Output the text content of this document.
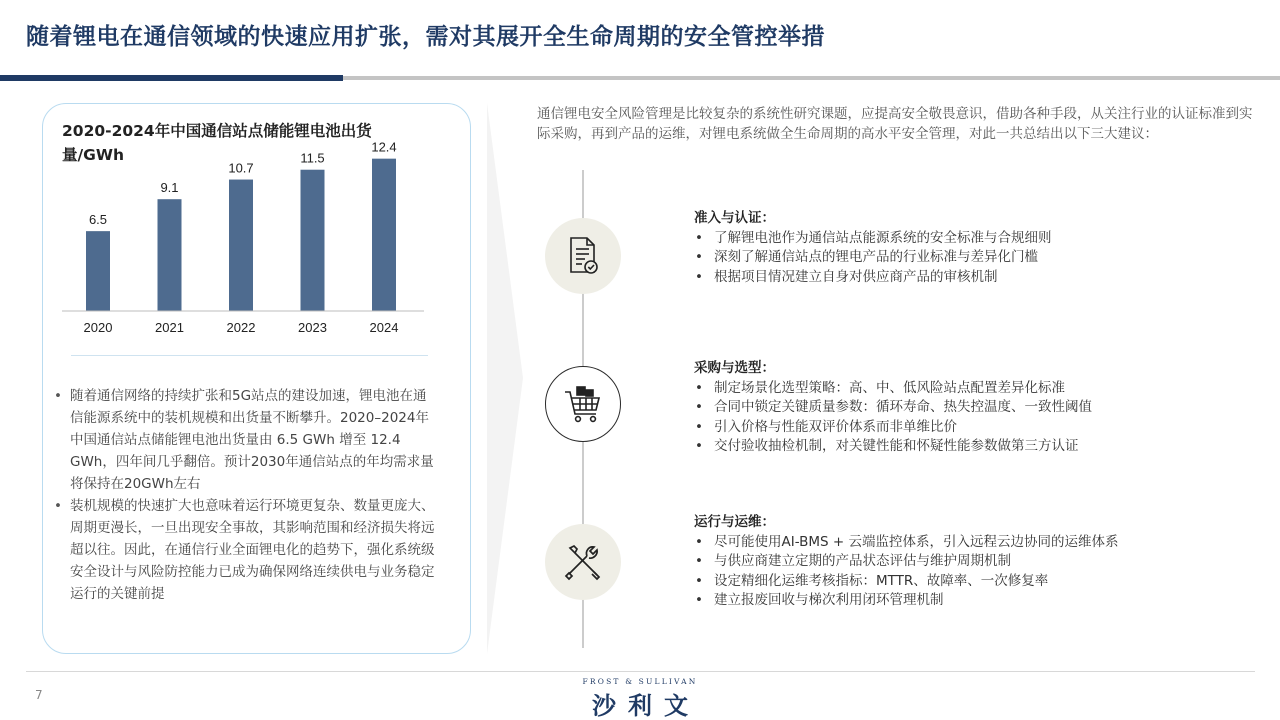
随着锂电在通信领域的快速应用扩张，需对其展开全生命周期的安全管控举措
2020-2024年中国通信站点储能锂电池出货量/GWh
6.5
2020
9.1
2021
10.7
2022
11.5
2023
12.4
2024
• 随着通信网络的持续扩张和5G站点的建设加速，锂电池在通信能源系统中的装机规模和出货量不断攀升。2020–2024年中国通信站点储能锂电池出货量由 6.5 GWh 增至 12.4 GWh，四年间几乎翻倍。预计2030年通信站点的年均需求量将保持在20GWh左右
• 装机规模的快速扩大也意味着运行环境更复杂、数量更庞大、周期更漫长，一旦出现安全事故，其影响范围和经济损失将远超以往。因此，在通信行业全面锂电化的趋势下，强化系统级安全设计与风险防控能力已成为确保网络连续供电与业务稳定运行的关键前提
通信锂电安全风险管理是比较复杂的系统性研究课题，应提高安全敬畏意识，借助各种手段，从关注行业的认证标准到实际采购，再到产品的运维，对锂电系统做全生命周期的高水平安全管理，对此一共总结出以下三大建议：
准入与认证：
• 了解锂电池作为通信站点能源系统的安全标准与合规细则
• 深刻了解通信站点的锂电产品的行业标准与差异化门槛
• 根据项目情况建立自身对供应商产品的审核机制
采购与选型：
• 制定场景化选型策略：高、中、低风险站点配置差异化标准
• 合同中锁定关键质量参数：循环寿命、热失控温度、一致性阈值
• 引入价格与性能双评价体系而非单维比价
• 交付验收抽检机制，对关键性能和怀疑性能参数做第三方认证
运行与运维：
• 尽可能使用AI-BMS + 云端监控体系，引入远程云边协同的运维体系
• 与供应商建立定期的产品状态评估与维护周期机制
• 设定精细化运维考核指标：MTTR、故障率、一次修复率
• 建立报废回收与梯次利用闭环管理机制
7
FROST & SULLIVAN
沙利文
